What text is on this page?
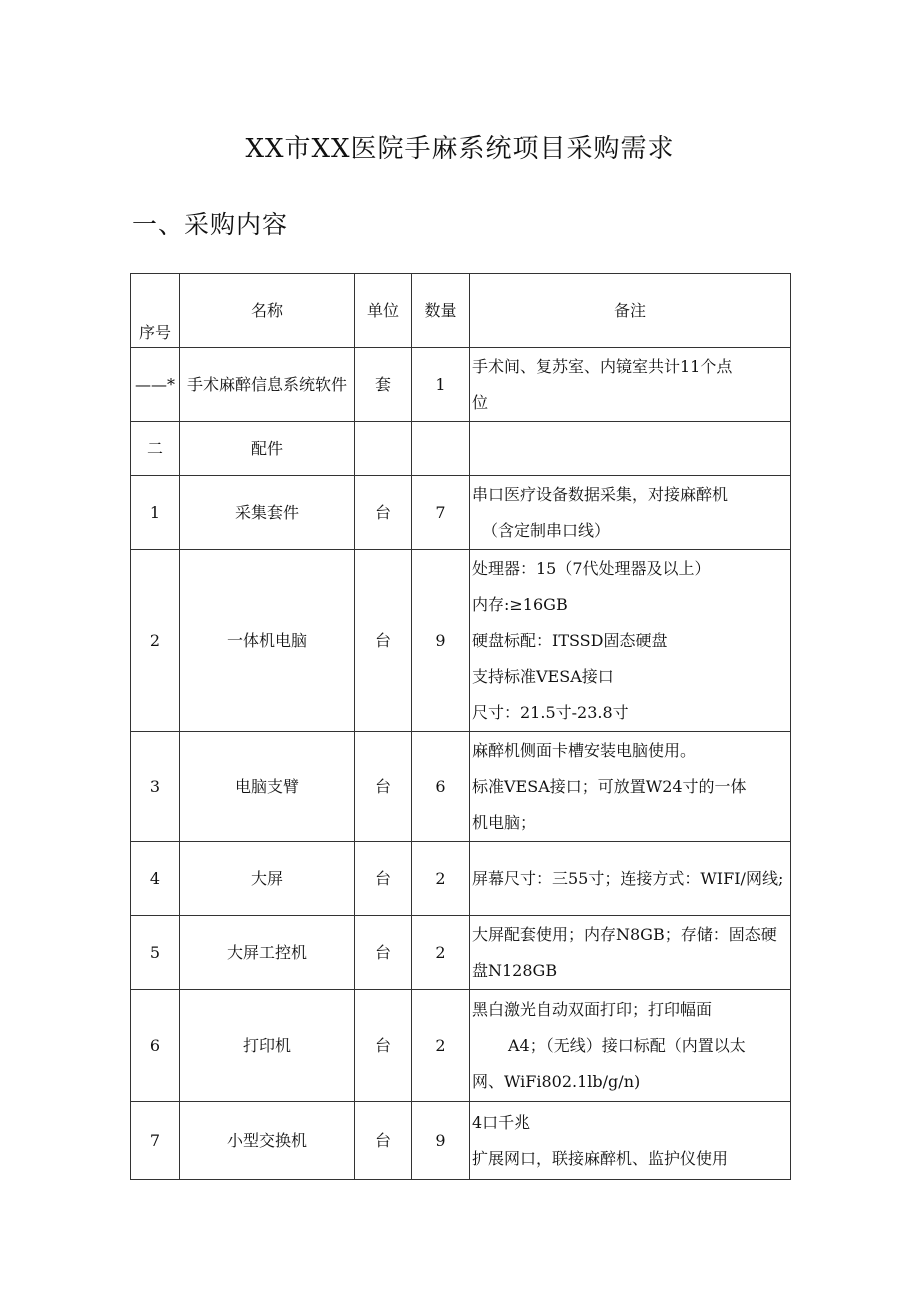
XX市XX医院手麻系统项目采购需求
一、采购内容
序号	名称	单位	数量	备注
——*	手术麻醉信息系统软件	套	1	手术间、复苏室、内镜室共计11个点
位

二	配件			
1	采集套件	台	7	串口医疗设备数据采集，对接麻醉机
（含定制串口线）

2	一体机电脑	台	9	处理器：15（7代处理器及以上）
内存:≥16GB
硬盘标配：ITSSD固态硬盘
支持标准VESA接口
尺寸：21.5寸-23.8寸

3	电脑支臂	台	6	麻醉机侧面卡槽安装电脑使用。
标准VESA接口；可放置W24寸的一体
机电脑；

4	大屏	台	2	屏幕尺寸：三55寸；连接方式：WIFI/网线;

5	大屏工控机	台	2	大屏配套使用；内存N8GB；存储：固态硬
盘N128GB

6	打印机	台	2	黑白激光自动双面打印；打印幅面
A4；（无线）接口标配（内置以太
网、WiFi802.1lb/g/n)

7	小型交换机	台	9	4口千兆
扩展网口，联接麻醉机、监护仪使用
